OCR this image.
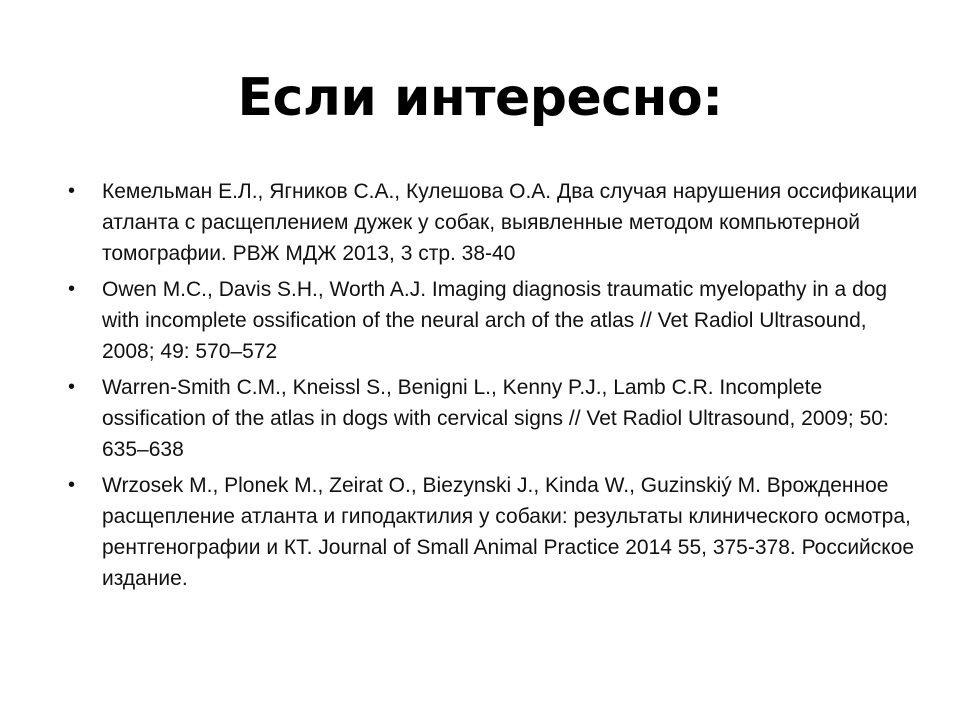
Если интересно:
•	Кемельман Е.Л., Ягников С.А., Кулешова О.А. Два случая нарушения оссификации атланта с расщеплением дужек у собак, выявленные методом компьютерной томографии. РВЖ МДЖ 2013, 3 стр. 38-40
•	Owen M.C., Davis S.H., Worth A.J. Imaging diagnosis traumatic myelopathy in a dog with incomplete ossification of the neural arch of the atlas // Vet Radiol Ultrasound, 2008; 49: 570–572
•	Warren-Smith C.M., Kneissl S., Benigni L., Kenny P.J., Lamb C.R. Incomplete ossification of the atlas in dogs with cervical signs // Vet Radiol Ultrasound, 2009; 50: 635–638
•	Wrzosek M., Plonek M., Zeirat O., Biezynski J., Kinda W., Guzinskiý M. Врожденное расщепление атланта и гиподактилия у собаки: результаты клинического осмотра, рентгенографии и КТ. Journal of Small Animal Practice 2014 55, 375-378. Российское издание.
